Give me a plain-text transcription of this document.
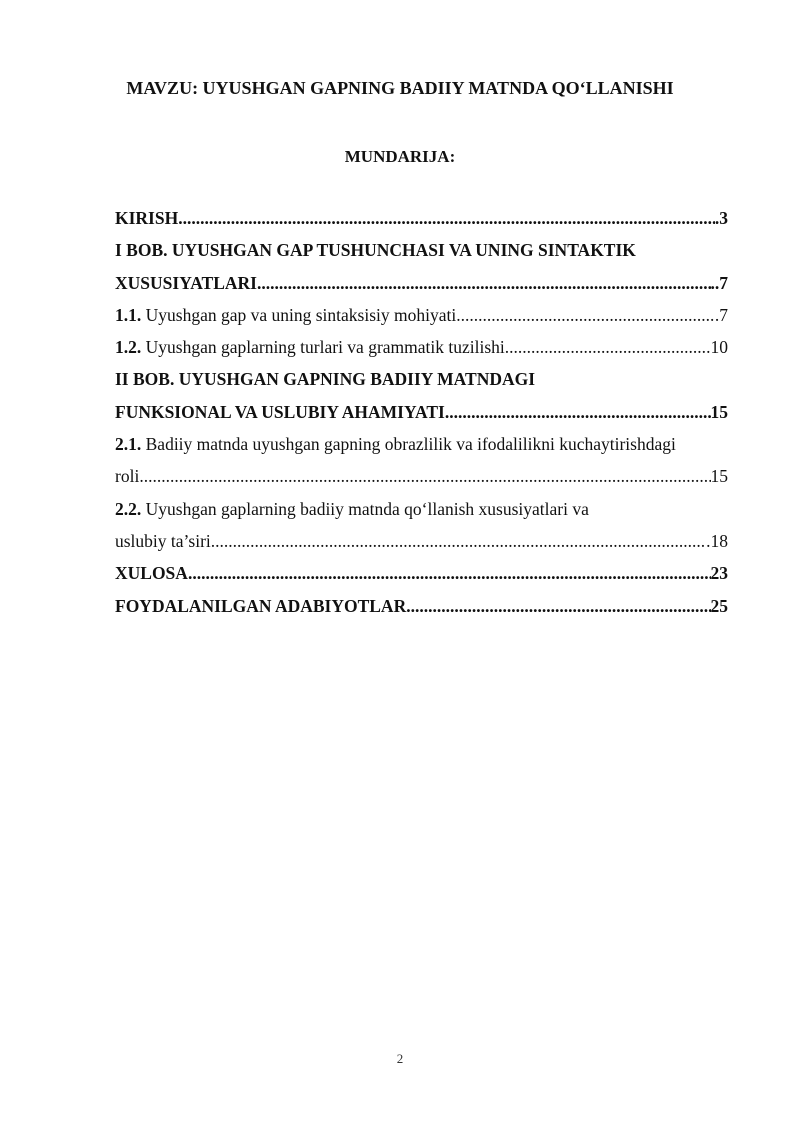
MAVZU: UYUSHGAN GAPNING BADIIY MATNDA QO‘LLANISHI
MUNDARIJA:
KIRISH .....	.3
I BOB. UYUSHGAN GAP TUSHUNCHASI VA UNING SINTAKTIK
XUSUSIYATLARI .....	..7
1.1. Uyushgan gap va uning sintaksisiy mohiyati .....	.7
1.2. Uyushgan gaplarning turlari va grammatik tuzilishi .....	.10
II BOB. UYUSHGAN GAPNING BADIIY MATNDAGI
FUNKSIONAL VA USLUBIY AHAMIYATI .....	15
2.1. Badiiy matnda uyushgan gapning obrazlilik va ifodalilikni kuchaytirishdagi
roli .....	15
2.2. Uyushgan gaplarning badiiy matnda qo‘llanish xususiyatlari va
uslubiy ta’siri .....	.18
XULOSA .....	23
FOYDALANILGAN ADABIYOTLAR .....	25
2
